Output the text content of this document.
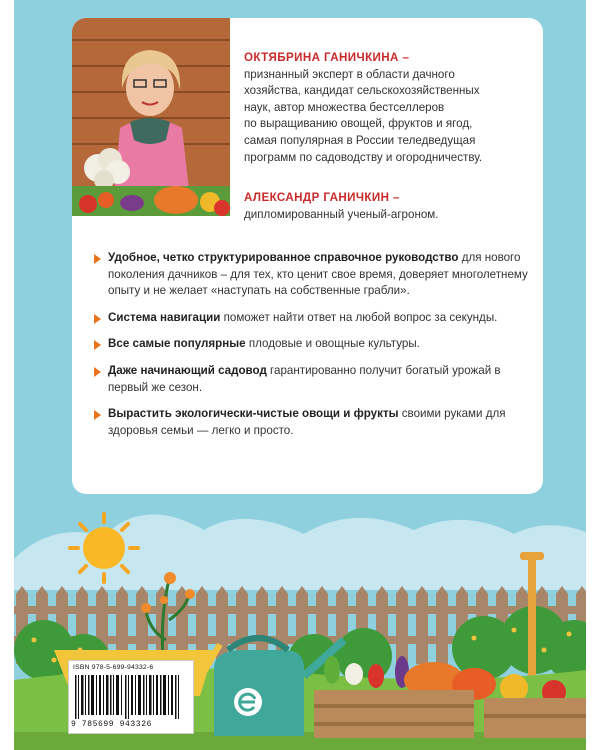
ОКТЯБРИНА ГАНИЧКИНА –
признанный эксперт в области дачного
хозяйства, кандидат сельскохозяйственных
наук, автор множества бестселлеров
по выращиванию овощей, фруктов и ягод,
самая популярная в России теледведущая
программ по садоводству и огородничеству.
АЛЕКСАНДР ГАНИЧКИН –
дипломированный ученый-агроном.
Удобное, четко структурированное справочное руководство для нового поколения дачников – для тех, кто ценит свое время, доверяет многолетнему опыту и не желает «наступать на собственные грабли».
Система навигации поможет найти ответ на любой вопрос за секунды.
Все самые популярные плодовые и овощные культуры.
Даже начинающий садовод гарантированно получит богатый урожай в первый же сезон.
Вырастить экологически-чистые овощи и фрукты своими руками для здоровья семьи — легко и просто.
ISBN 978-5-699-94332-6
9 785699 943326
